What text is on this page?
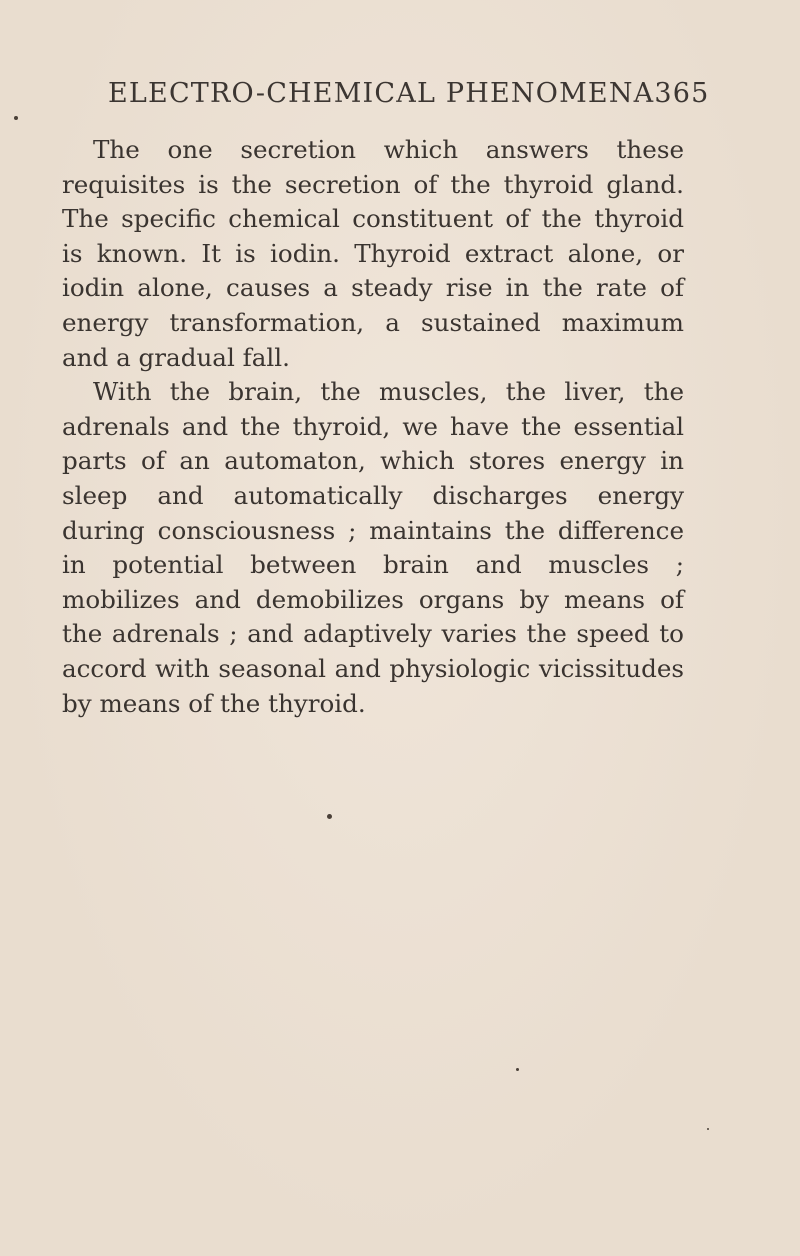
ELECTRO-CHEMICAL PHENOMENA 365

The one secretion which answers these requisites is the secretion of the thyroid gland. The specific chemical constituent of the thyroid is known. It is iodin. Thyroid extract alone, or iodin alone, causes a steady rise in the rate of energy transformation, a sustained maximum and a gradual fall.

With the brain, the muscles, the liver, the adrenals and the thyroid, we have the essential parts of an automaton, which stores energy in sleep and automatically discharges energy during consciousness ; maintains the difference in potential between brain and muscles ; mobilizes and demobilizes organs by means of the adrenals ; and adaptively varies the speed to accord with seasonal and physiologic vicissitudes by means of the thyroid.
